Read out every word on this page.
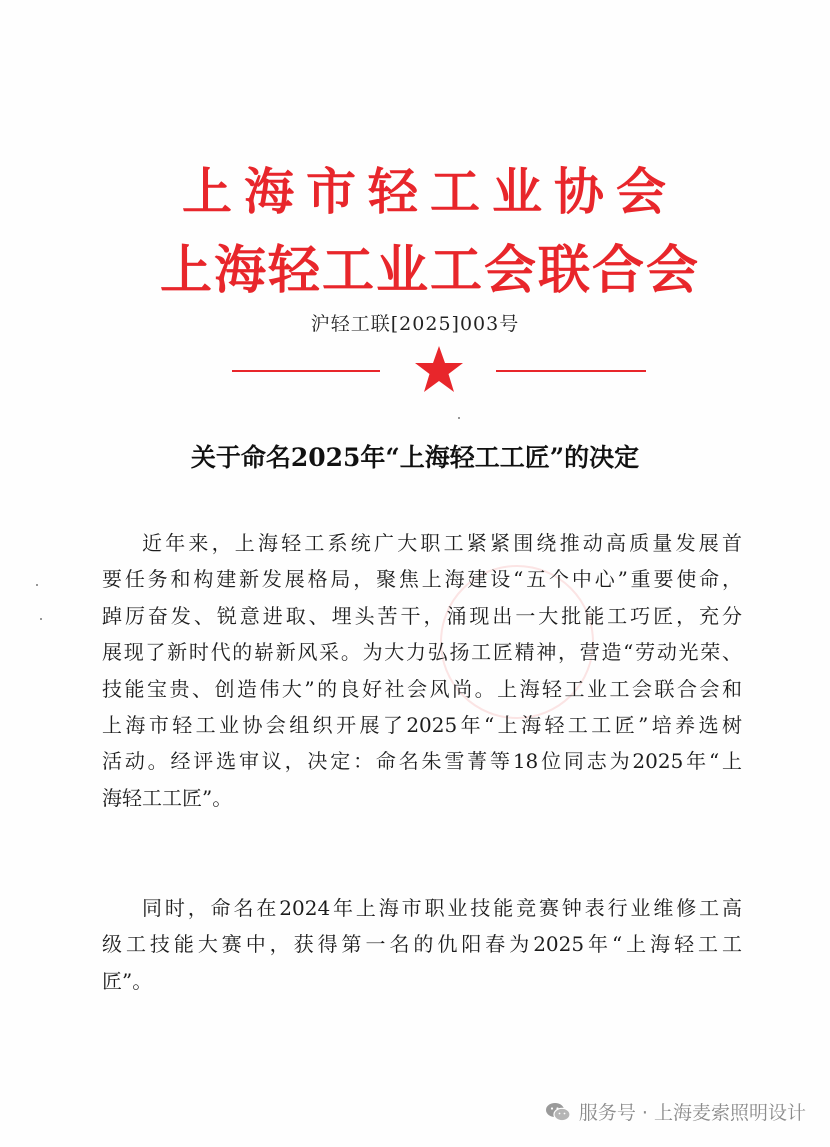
上海市轻工业协会
上海轻工业工会联合会
沪轻工联[2025]003号
关于命名2025年“上海轻工工匠”的决定
近年来，上海轻工系统广大职工紧紧围绕推动高质量发展首
要任务和构建新发展格局，聚焦上海建设“五个中心”重要使命，
踔厉奋发、锐意进取、埋头苦干，涌现出一大批能工巧匠，充分
展现了新时代的崭新风采。为大力弘扬工匠精神，营造“劳动光荣、
技能宝贵、创造伟大”的良好社会风尚。上海轻工业工会联合会和
上海市轻工业协会组织开展了2025年“上海轻工工匠”培养选树
活动。经评选审议，决定：命名朱雪菁等18位同志为2025年“上
海轻工工匠”。
同时，命名在2024年上海市职业技能竞赛钟表行业维修工高
级工技能大赛中，获得第一名的仇阳春为2025年“上海轻工工
匠”。
服务号 · 上海麦索照明设计
